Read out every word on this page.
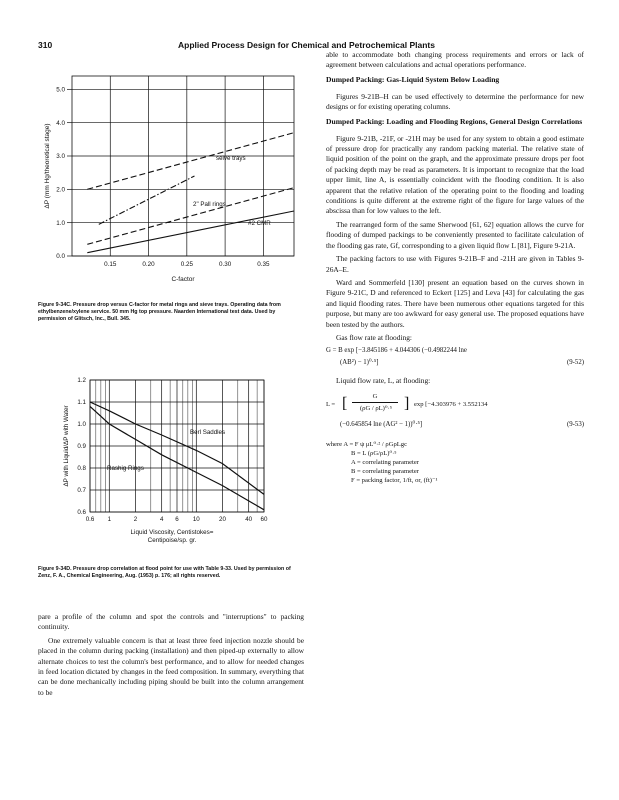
310	Applied Process Design for Chemical and Petrochemical Plants
0.15	0.20	0.25	0.30	0.35
0.0
1.0
2.0
3.0
4.0
5.0
C-factor
ΔP (mm Hg/theoretical stage)	seive trays
2" Pall rings
#2 CMR

Figure 9-34C. Pressure drop versus C-factor for metal rings and sieve trays. Operating data from ethylbenzene/xylene service. 50 mm Hg top pressure. Naarden International test data. Used by permission of Glitsch, Inc., Bull. 345.

0.6 1	2	4 6 10	20	40 60
0.6
0.7
0.8
0.9
1.0
1.1
1.2
Liquid Viscosity, Centistokes=
Centipoise/sp. gr.
ΔP with Liquid/ΔP with Water	Berl Saddles
Rashig Rings

Figure 9-34D. Pressure drop correlation at flood point for use with Table 9-33. Used by permission of Zenz, F. A., Chemical Engineering, Aug. (1953) p. 176; all rights reserved.

pare a profile of the column and spot the controls and "interruptions" to packing continuity.

One extremely valuable concern is that at least three feed injection nozzle should be placed in the column during packing (installation) and then piped-up externally to allow alternate choices to test the column's best performance, and to allow for needed changes in feed location dictated by changes in the feed composition. In summary, everything that can be done mechanically including piping should be built into the column arrangement to be

able to accommodate both changing process requirements and errors or lack of agreement between calculations and actual operations performance.

Dumped Packing: Gas-Liquid System Below Loading

Figures 9-21B–H can be used effectively to determine the performance for new designs or for existing operating columns.

Dumped Packing: Loading and Flooding Regions, General Design Correlations

Figure 9-21B, -21F, or -21H may be used for any system to obtain a good estimate of pressure drop for practically any random packing material. The relative state of liquid position of the point on the graph, and the approximate pressure drops per foot of packing depth may be read as parameters. It is important to recognize that the load upper limit, line A, is essentially coincident with the flooding condition. It is also apparent that the relative relation of the operating point to the flooding and loading conditions is quite different at the extreme right of the figure for large values of the abscissa than for low values to the left.

The rearranged form of the same Sherwood [61, 62] equation allows the curve for flooding of dumped packings to be conveniently presented to facilitate calculation of the flooding gas rate, Gf, corresponding to a given liquid flow L [81], Figure 9-21A.

The packing factors to use with Figures 9-21B–F and -21H are given in Tables 9-26A–E.

Ward and Sommerfeld [130] present an equation based on the curves shown in Figure 9-21C, D and referenced to Eckert [125] and Leva [43] for calculating the gas and liquid flooding rates. There have been numerous other equations targeted for this purpose, but many are too awkward for easy general use. The proposed equations have been tested by the authors.

Gas flow rate at flooding:

G = B exp [−3.845186 + 4.044306 (−0.4982244 lne
(AB²) − 1)⁰·⁵]	(9-52)

Liquid flow rate, L, at flooding:

L = [	G
(ρG / ρL)⁰·⁵ ] exp [−4.303976 + 3.552134
(−0.645854 lne (AG² − 1))⁰·⁵]	(9-53)
where A = F ψ μL⁰·² / ρGρLgc
B = L (ρG/ρL)⁰·⁵
A = correlating parameter
B = correlating parameter
F = packing factor, 1/ft, or, (ft)⁻¹
